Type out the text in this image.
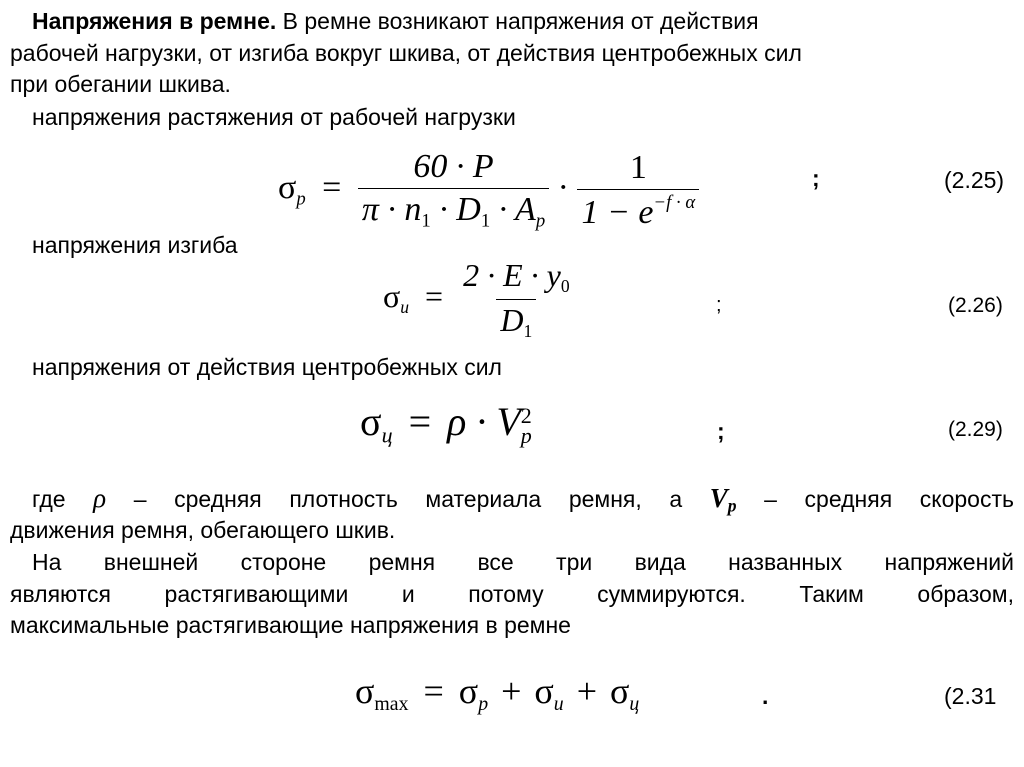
Напряжения в ремне. В ремне возникают напряжения от действия
рабочей нагрузки, от изгиба вокруг шкива, от действия центробежных сил
при обегании шкива.
напряжения растяжения от рабочей нагрузки
$\sigma_p = \frac{60 \cdot P}{\pi \cdot n1 \cdot D1 \cdot A_p} \cdot \frac{1}{1 - e^{-f \cdot \alpha}}$	;	(2.25)
напряжения изгиба
$\sigma_и = \frac{2 \cdot E \cdot y0}{D1}$	;	(2.26)
напряжения от действия центробежных сил
$\sigma_ц = \rho \cdot V$ 2
p	;	(2.29)
где ρ – средняя плотность материала ремня, а Vp – средняя скорость
движения ремня, обегающего шкив.
На внешней стороне ремня все три вида названных напряжений
являются растягивающими и потому суммируются. Таким образом,
максимальные растягивающие напряжения в ремне
$\sigma\max = \sigma_р + \sigma_и + \sigma_ц$	.	(2.31
